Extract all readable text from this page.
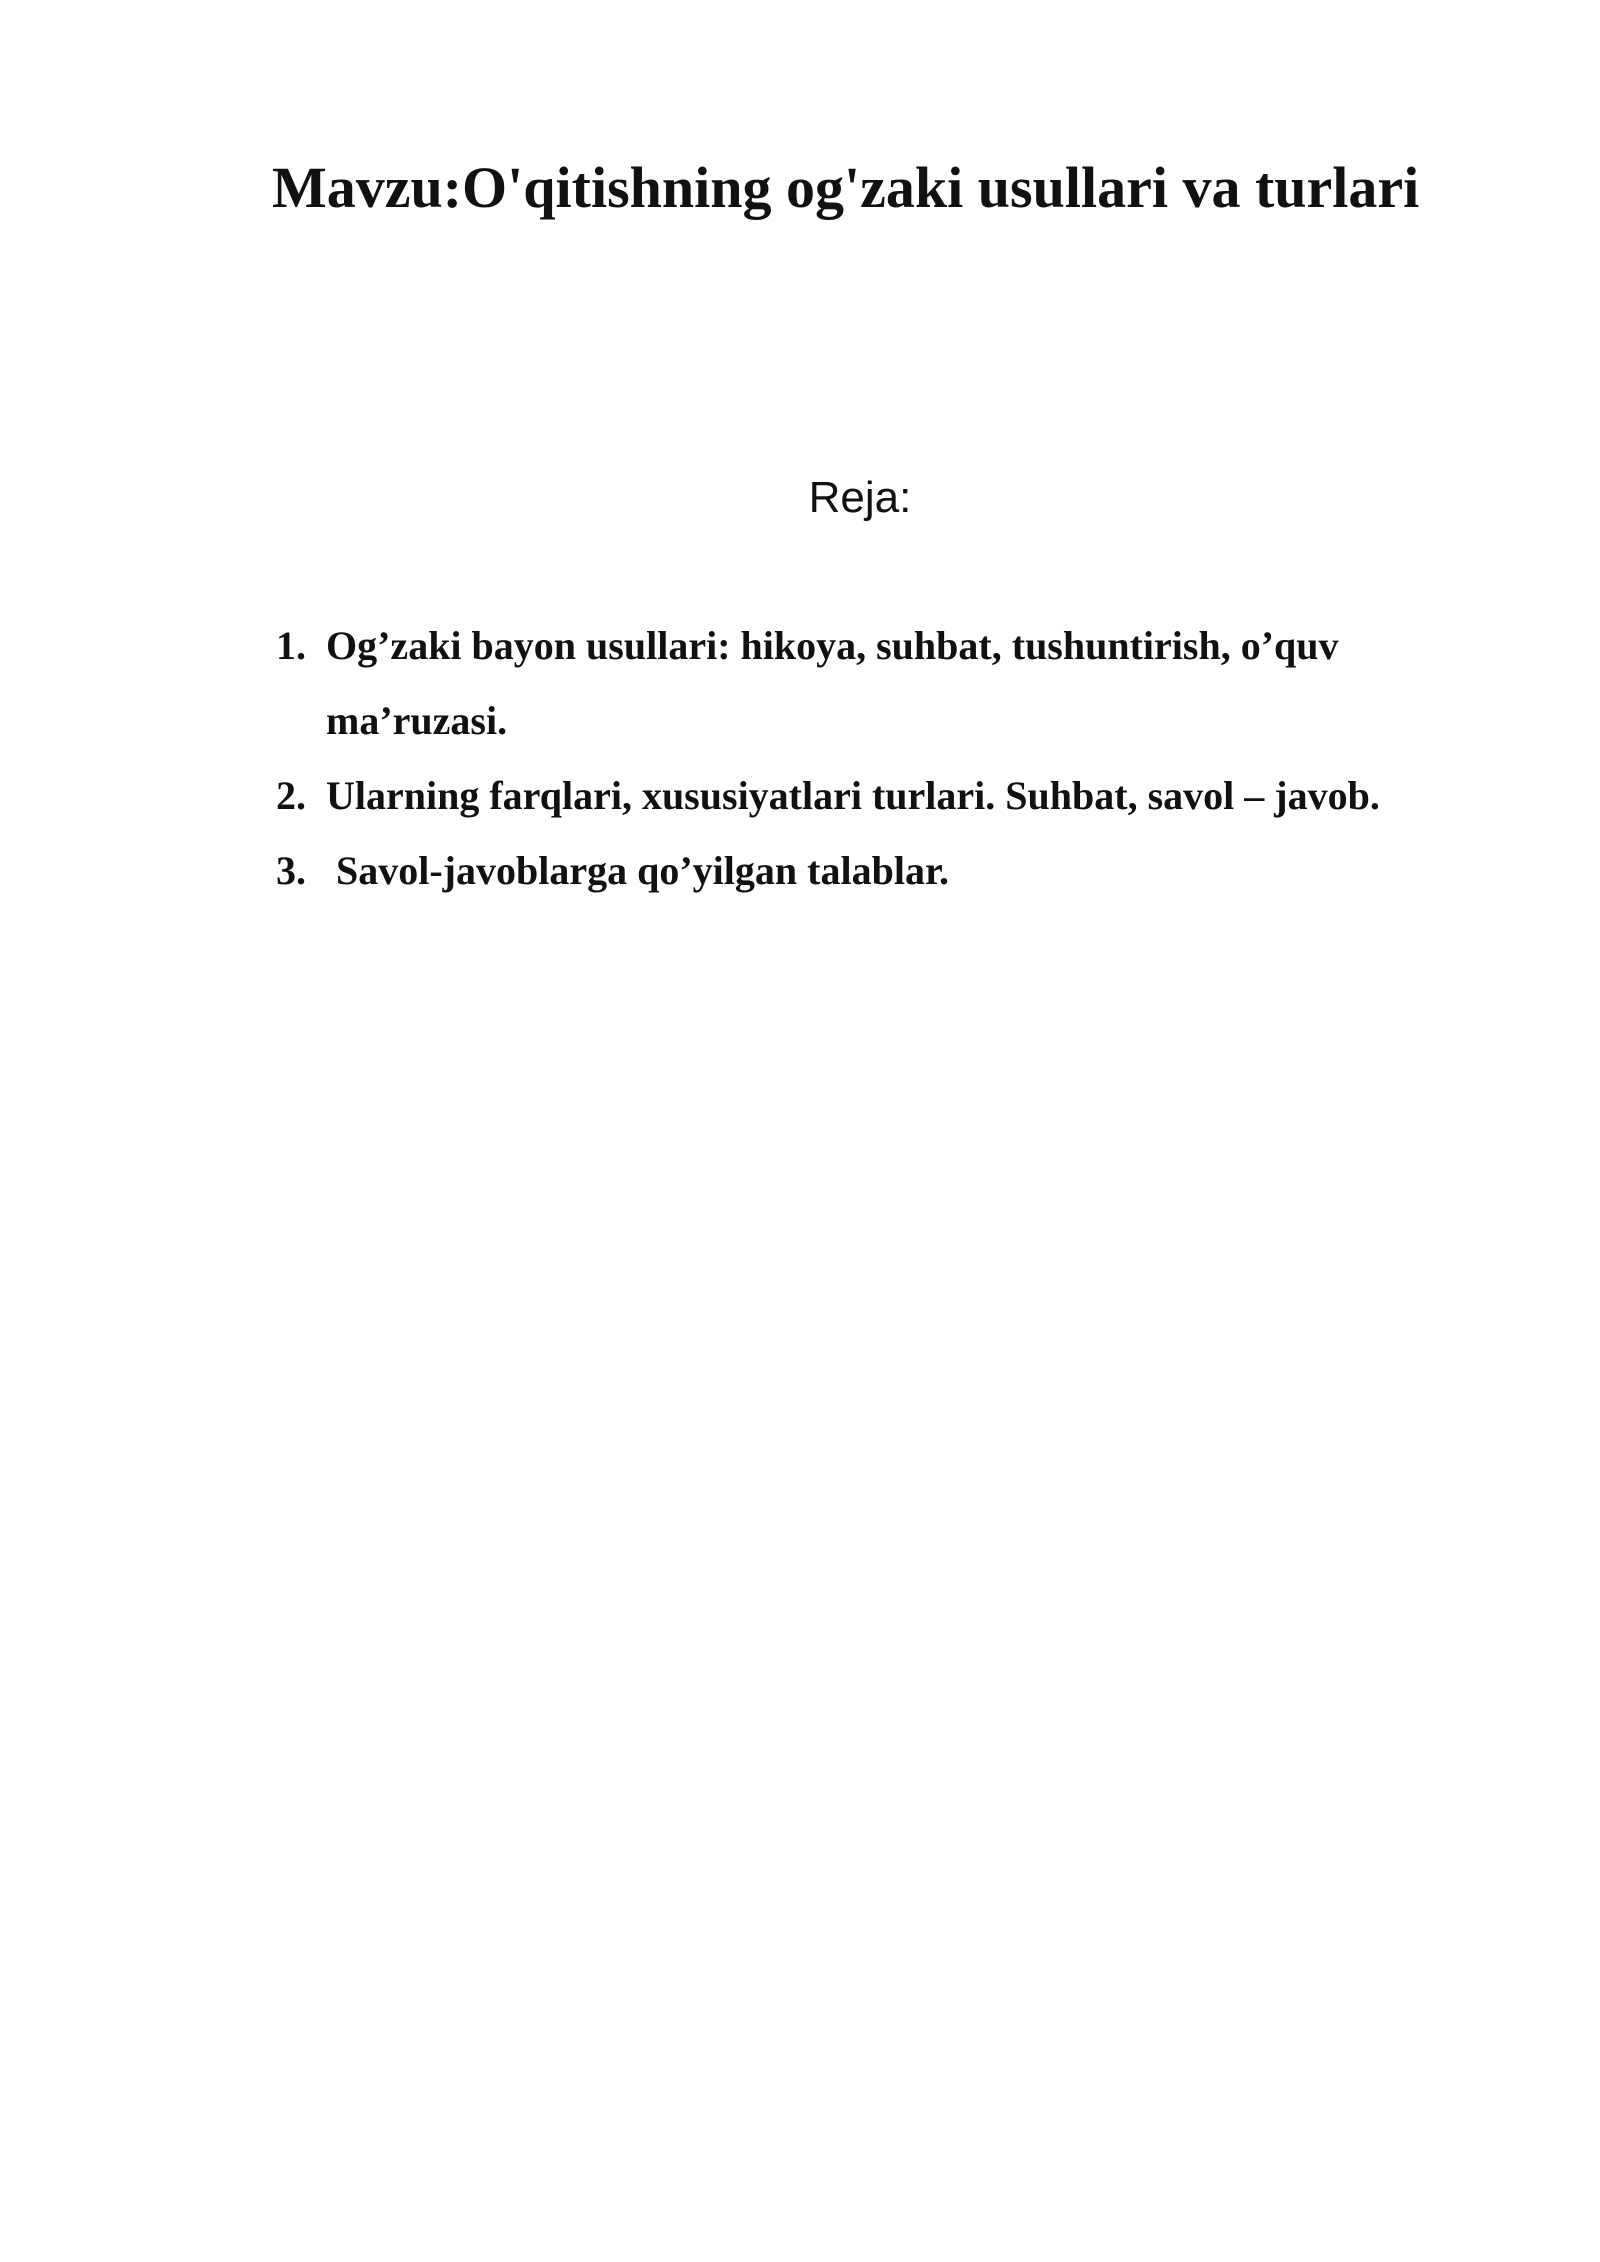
Mavzu:O'qitishning og'zaki usullari va turlari
Reja:
1. Og’zaki bayon usullari: hikoya, suhbat, tushuntirish, o’quv ma’ruzasi.
2. Ularning farqlari, xususiyatlari turlari. Suhbat, savol – javob.
3. Savol-javoblarga qo’yilgan talablar.
